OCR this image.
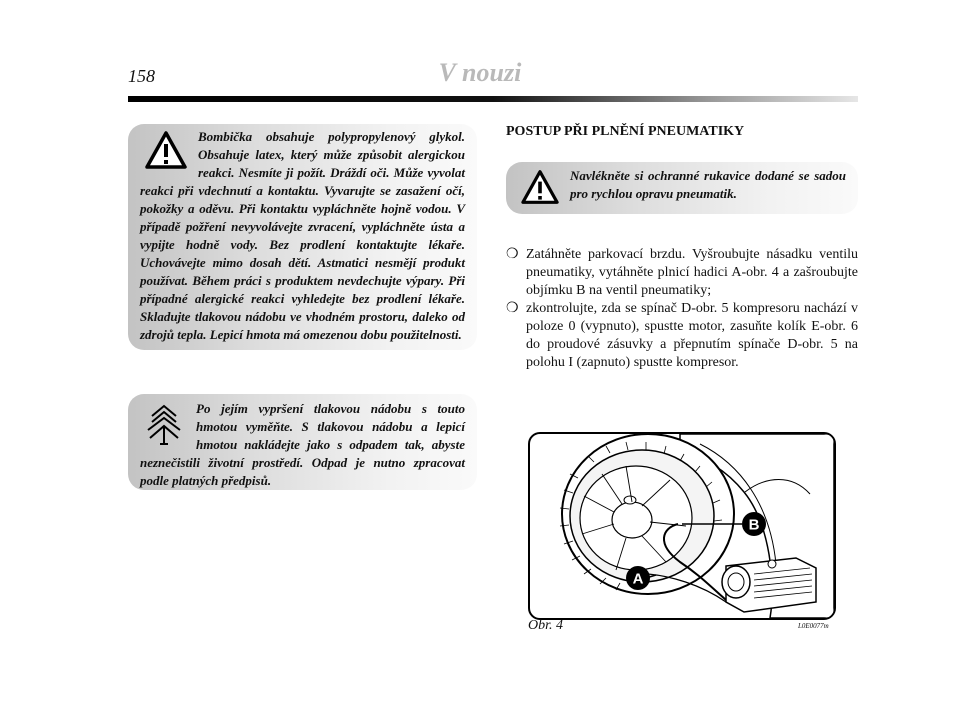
158	V nouzi

Bombička obsahuje polypropylenový glykol. Obsahuje latex, který může způsobit alergickou reakci. Nesmíte ji požít. Dráždí oči. Může vyvolat reakci při vdechnutí a kontaktu. Vyvarujte se zasažení očí, pokožky a oděvu. Při kontaktu vypláchněte hojně vodou. V případě požření nevyvolávejte zvracení, vypláchněte ústa a vypijte hodně vody. Bez prodlení kontaktujte lékaře. Uchovávejte mimo dosah dětí. Astmatici nesmějí produkt používat. Během práci s produktem nevdechujte výpary. Při případné alergické reakci vyhledejte bez prodlení lékaře. Skladujte tlakovou nádobu ve vhodném prostoru, daleko od zdrojů tepla. Lepicí hmota má omezenou dobu použitelnosti.

Po jejím vypršení tlakovou nádobu s touto hmotou vyměňte. S tlakovou nádobu a lepicí hmotou nakládejte jako s odpadem tak, abyste neznečistili životní prostředí. Odpad je nutno zpracovat podle platných předpisů.

POSTUP PŘI PLNĚNÍ PNEUMATIKY

Navlékněte si ochranné rukavice dodané se sadou pro rychlou opravu pneumatik.

❍ Zatáhněte parkovací brzdu. Vyšroubujte násadku ventilu pneumatiky, vytáhněte plnicí hadici A-obr. 4 a zašroubujte objímku B na ventil pneumatiky;
❍ zkontrolujte, zda se spínač D-obr. 5 kompresoru nachází v poloze 0 (vypnuto), spustte motor, zasuňte kolík E-obr. 6 do proudové zásuvky a přepnutím spínače D-obr. 5 na polohu I (zapnuto) spustte kompresor.
A
B
L0E0077m
Obr. 4
